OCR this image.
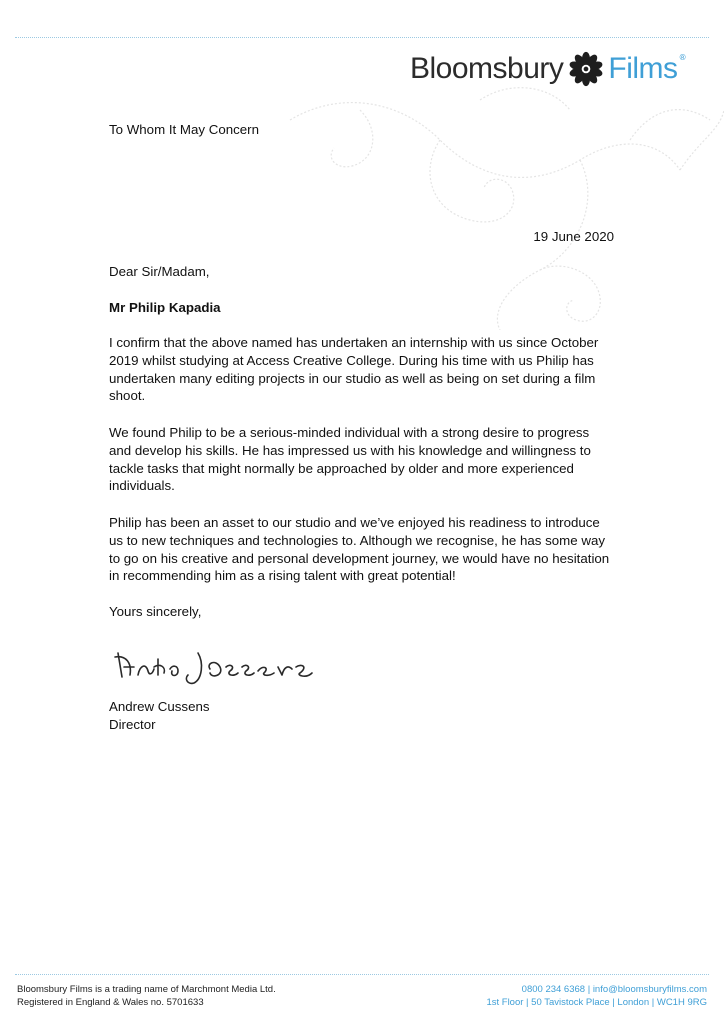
Bloomsbury Films ®
To Whom It May Concern
19 June 2020
Dear Sir/Madam,
Mr Philip Kapadia

I confirm that the above named has undertaken an internship with us since October 2019 whilst studying at Access Creative College. During his time with us Philip has undertaken many editing projects in our studio as well as being on set during a film shoot.

We found Philip to be a serious-minded individual with a strong desire to progress and develop his skills. He has impressed us with his knowledge and willingness to tackle tasks that might normally be approached by older and more experienced individuals.

Philip has been an asset to our studio and we’ve enjoyed his readiness to introduce us to new techniques and technologies to. Although we recognise, he has some way to go on his creative and personal development journey, we would have no hesitation in recommending him as a rising talent with great potential!

Yours sincerely,
Andrew Cussens
Director
Bloomsbury Films is a trading name of Marchmont Media Ltd.
Registered in England & Wales no. 5701633
0800 234 6368 | info@bloomsburyfilms.com
1st Floor | 50 Tavistock Place | London | WC1H 9RG
